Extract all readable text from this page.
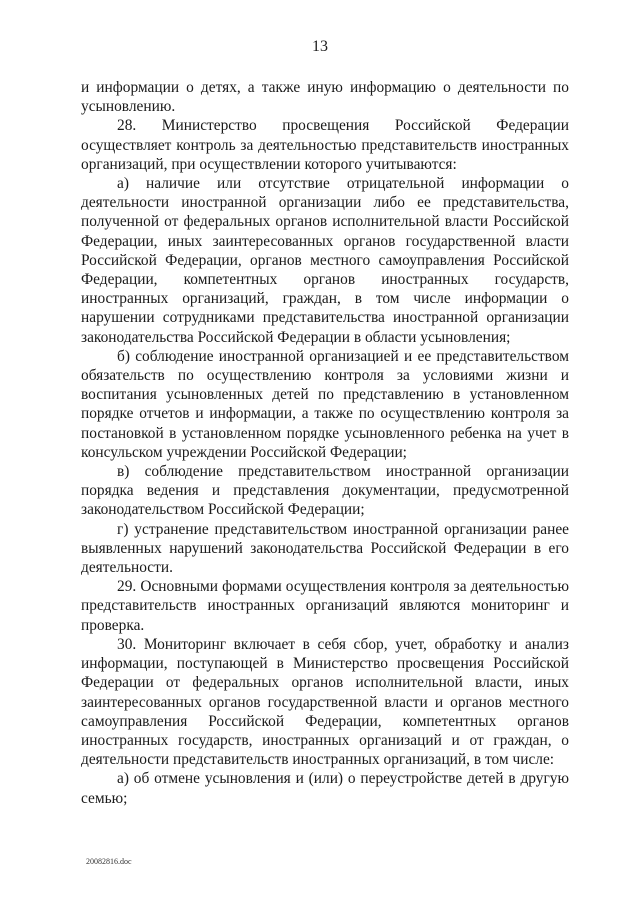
13

и информации о детях, а также иную информацию о деятельности по усыновлению.

28. Министерство просвещения Российской Федерации осуществляет контроль за деятельностью представительств иностранных организаций, при осуществлении которого учитываются:

а) наличие или отсутствие отрицательной информации о деятельности иностранной организации либо ее представительства, полученной от федеральных органов исполнительной власти Российской Федерации, иных заинтересованных органов государственной власти Российской Федерации, органов местного самоуправления Российской Федерации, компетентных органов иностранных государств, иностранных организаций, граждан, в том числе информации о нарушении сотрудниками представительства иностранной организации законодательства Российской Федерации в области усыновления;

б) соблюдение иностранной организацией и ее представительством обязательств по осуществлению контроля за условиями жизни и воспитания усыновленных детей по представлению в установленном порядке отчетов и информации, а также по осуществлению контроля за постановкой в установленном порядке усыновленного ребенка на учет в консульском учреждении Российской Федерации;

в) соблюдение представительством иностранной организации порядка ведения и представления документации, предусмотренной законодательством Российской Федерации;

г) устранение представительством иностранной организации ранее выявленных нарушений законодательства Российской Федерации в его деятельности.

29. Основными формами осуществления контроля за деятельностью представительств иностранных организаций являются мониторинг и проверка.

30. Мониторинг включает в себя сбор, учет, обработку и анализ информации, поступающей в Министерство просвещения Российской Федерации от федеральных органов исполнительной власти, иных заинтересованных органов государственной власти и органов местного самоуправления Российской Федерации, компетентных органов иностранных государств, иностранных организаций и от граждан, о деятельности представительств иностранных организаций, в том числе:

а) об отмене усыновления и (или) о переустройстве детей в другую семью;

20082816.doc
